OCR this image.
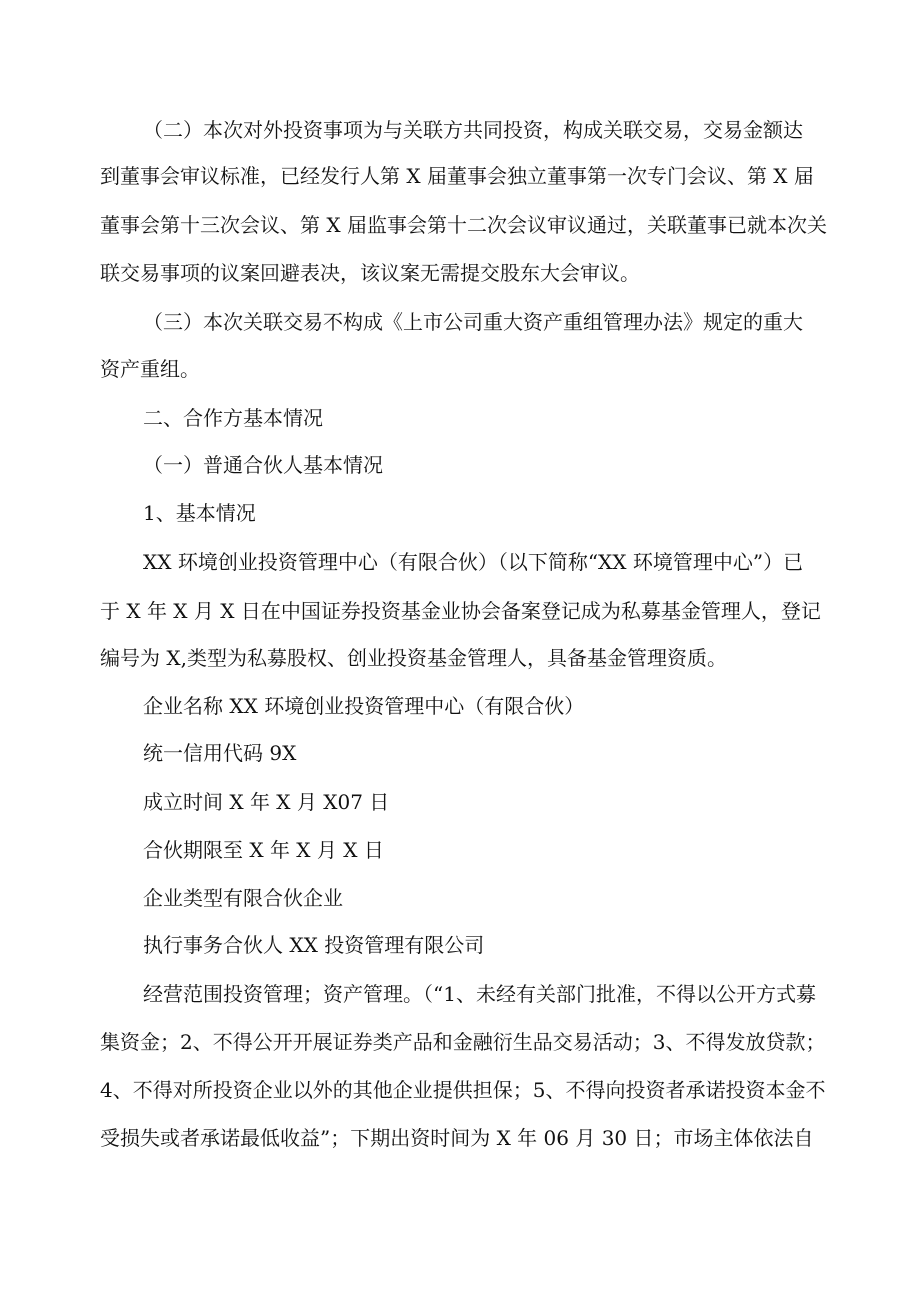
（二）本次对外投资事项为与关联方共同投资，构成关联交易，交易金额达
到董事会审议标准，已经发行人第 X 届董事会独立董事第一次专门会议、第 X 届
董事会第十三次会议、第 X 届监事会第十二次会议审议通过，关联董事已就本次关
联交易事项的议案回避表决，该议案无需提交股东大会审议。
（三）本次关联交易不构成《上市公司重大资产重组管理办法》规定的重大
资产重组。
二、合作方基本情况
（一）普通合伙人基本情况
1、基本情况
XX 环境创业投资管理中心（有限合伙）（以下简称“XX 环境管理中心”）已
于 X 年 X 月 X 日在中国证券投资基金业协会备案登记成为私募基金管理人，登记
编号为 X,类型为私募股权、创业投资基金管理人，具备基金管理资质。
企业名称 XX 环境创业投资管理中心（有限合伙）
统一信用代码 9X
成立时间 X 年 X 月 X07 日
合伙期限至 X 年 X 月 X 日
企业类型有限合伙企业
执行事务合伙人 XX 投资管理有限公司
经营范围投资管理；资产管理。（“1、未经有关部门批准，不得以公开方式募
集资金；2、不得公开开展证券类产品和金融衍生品交易活动；3、不得发放贷款；
4、不得对所投资企业以外的其他企业提供担保；5、不得向投资者承诺投资本金不
受损失或者承诺最低收益”；下期出资时间为 X 年 06 月 30 日；市场主体依法自
